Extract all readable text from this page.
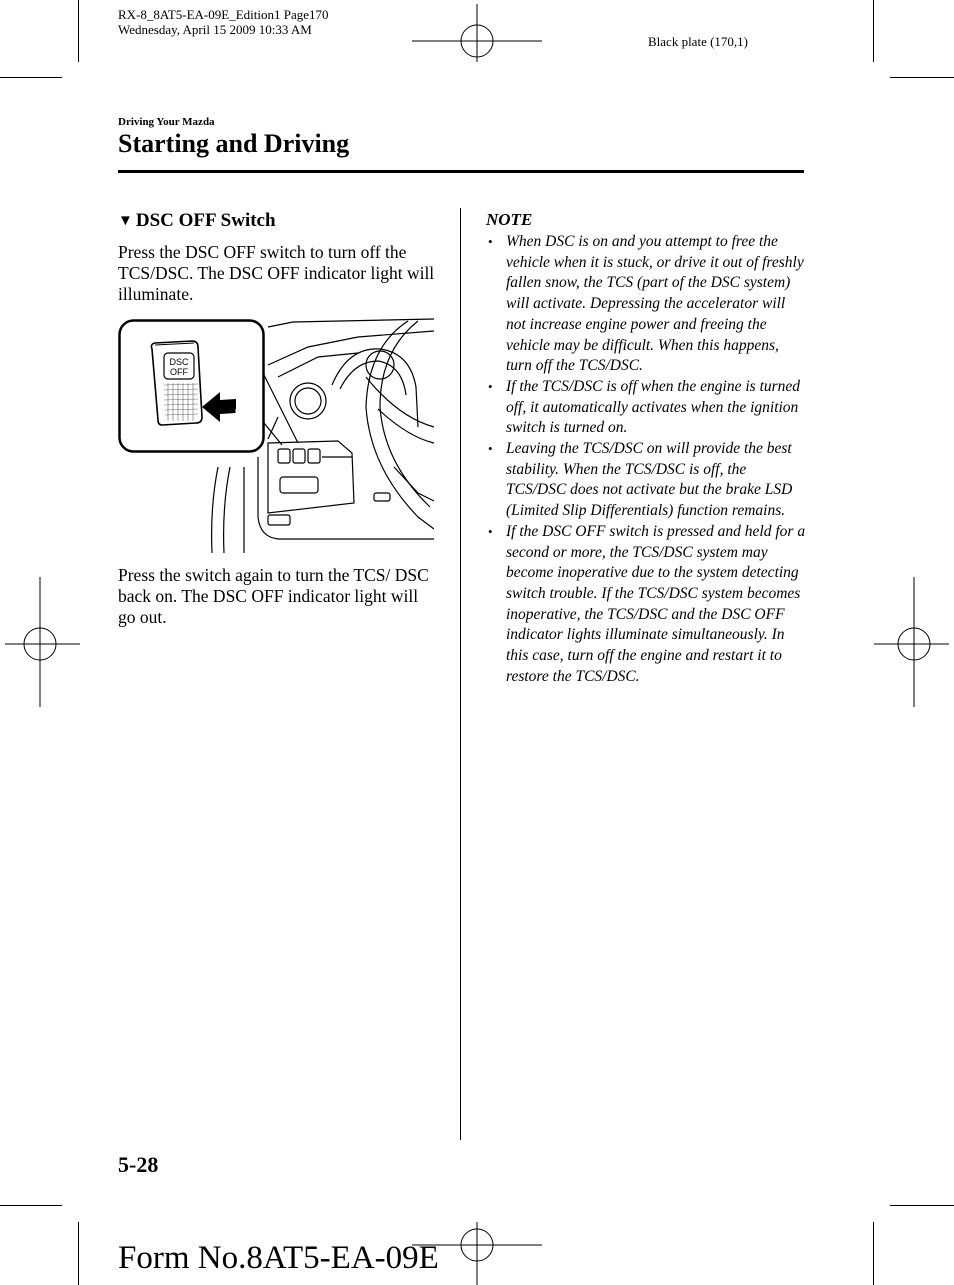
RX-8_8AT5-EA-09E_Edition1 Page170
Wednesday, April 15 2009 10:33 AM
Black plate (170,1)
Driving Your Mazda
Starting and Driving
▼ DSC OFF Switch

Press the DSC OFF switch to turn off the TCS/DSC. The DSC OFF indicator light will illuminate.

DSC
OFF

Press the switch again to turn the TCS/ DSC back on. The DSC OFF indicator light will go out.

NOTE

• When DSC is on and you attempt to free the vehicle when it is stuck, or drive it out of freshly fallen snow, the TCS (part of the DSC system) will activate. Depressing the accelerator will not increase engine power and freeing the vehicle may be difficult. When this happens, turn off the TCS/DSC.
• If the TCS/DSC is off when the engine is turned off, it automatically activates when the ignition switch is turned on.
• Leaving the TCS/DSC on will provide the best stability. When the TCS/DSC is off, the TCS/DSC does not activate but the brake LSD (Limited Slip Differentials) function remains.
• If the DSC OFF switch is pressed and held for a second or more, the TCS/DSC system may become inoperative due to the system detecting switch trouble. If the TCS/DSC system becomes inoperative, the TCS/DSC and the DSC OFF indicator lights illuminate simultaneously. In this case, turn off the engine and restart it to restore the TCS/DSC.
5-28
Form No.8AT5-EA-09E
